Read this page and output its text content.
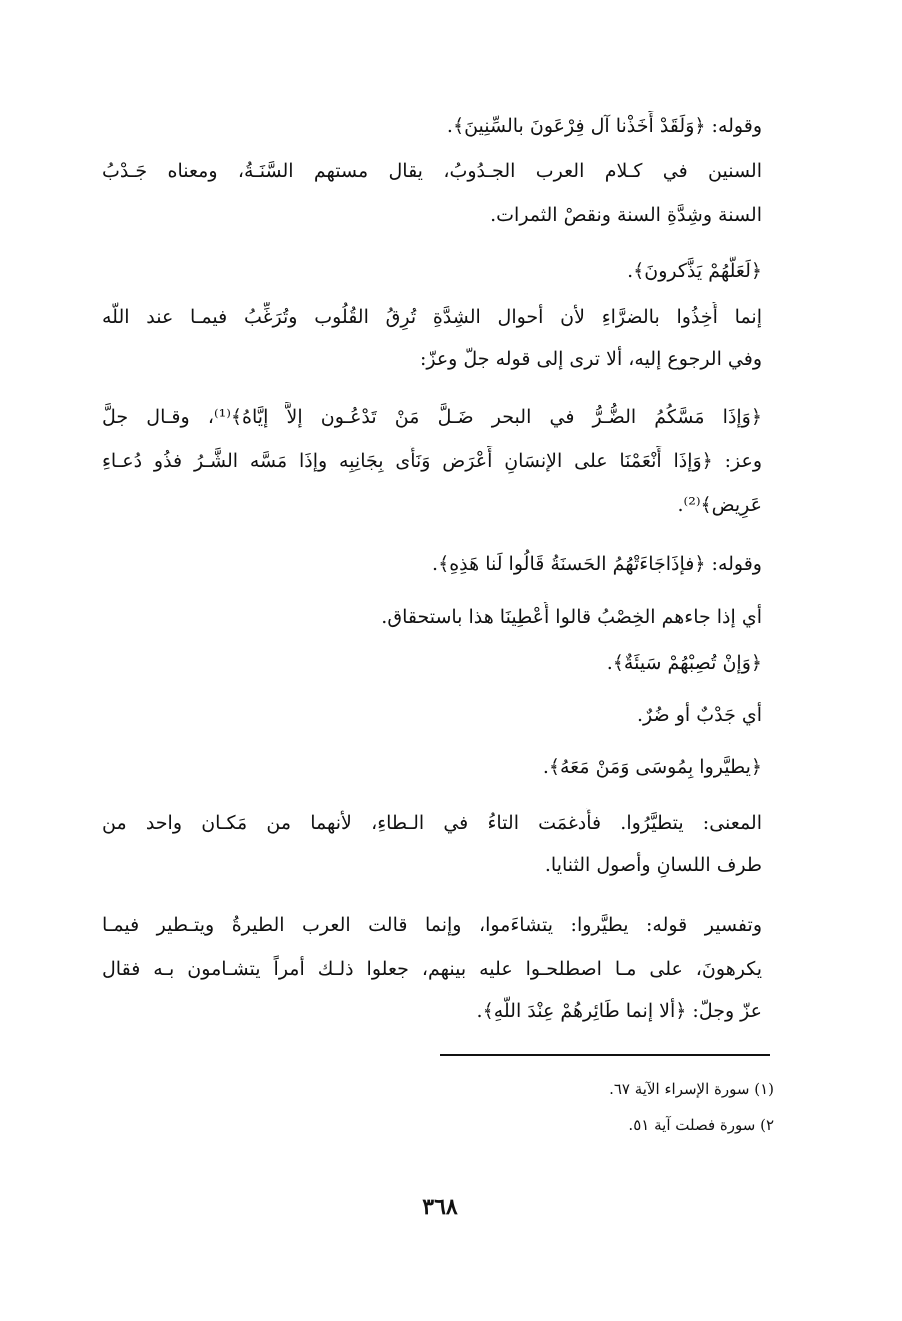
وقوله: ﴿وَلَقَدْ أَخَذْنا آل فِرْعَونَ بالسِّنِينَ﴾.
السنين في كـلام العرب الجـدُوبُ، يقال مستهم السَّنَـةُ، ومعناه جَـدْبُ
السنة وشِدَّةِ السنة ونقصْ الثمرات.
﴿لَعَلَّهُمْ يَذَّكرونَ﴾.
إنما أُخِذُوا بالضرَّاءِ لأن أحوال الشِدَّةِ تُرِقُ القُلُوب وتُرَغِّبُ فيمـا عند اللّه
وفي الرجوع إليه، ألا ترى إلى قوله جلّ وعزّ:
﴿وَإذَا مَسَّكُمُ الضُّـرُّ في البحر ضَـلَّ مَنْ تَدْعُـون إلاَّ إيَّاهُ﴾⁽¹⁾، وقـال جلَّ
وعز: ﴿وَإذَا أَنْعَمْنَا على الإنسَانِ أَعْرَض وَنَأَى بِجَانِبِه وإذَا مَسَّه الشَّـرُ فذُو دُعـاءِ
عَرِيض﴾⁽²⁾.
وقوله: ﴿فإذَاجَاءَتْهُمُ الحَسنَةُ قَالُوا لَنا هَذِهِ﴾.
أي إذا جاءهم الخِصْبُ قالوا أُعْطِينَا هذا باستحقاق.
﴿وَإنْ تُصِبْهُمْ سَيئَةٌ﴾.
أي جَدْبٌ أو ضُرٌ.
﴿يطيَّروا بِمُوسَى وَمَنْ مَعَهُ﴾.
المعنى: يتطيَّرُوا. فأُدغمَت التاءُ في الـطاءِ، لأنهما من مَكـان واحد من
طرف اللسانِ وأصول الثنايا.
وتفسير قوله: يطيَّروا: يتشاءَموا، وإنما قالت العرب الطيرةُ ويتـطير فيمـا
يكرهونَ، على مـا اصطلحـوا عليه بينهم، جعلوا ذلـك أمراً يتشـامون بـه فقال
عزّ وجلّ: ﴿ألا إنما طَائِرهُمْ عِنْدَ اللّهِ﴾.
(١) سورة الإسراء الآية ٦٧.
٢) سورة فصلت آية ٥١.
٣٦٨
